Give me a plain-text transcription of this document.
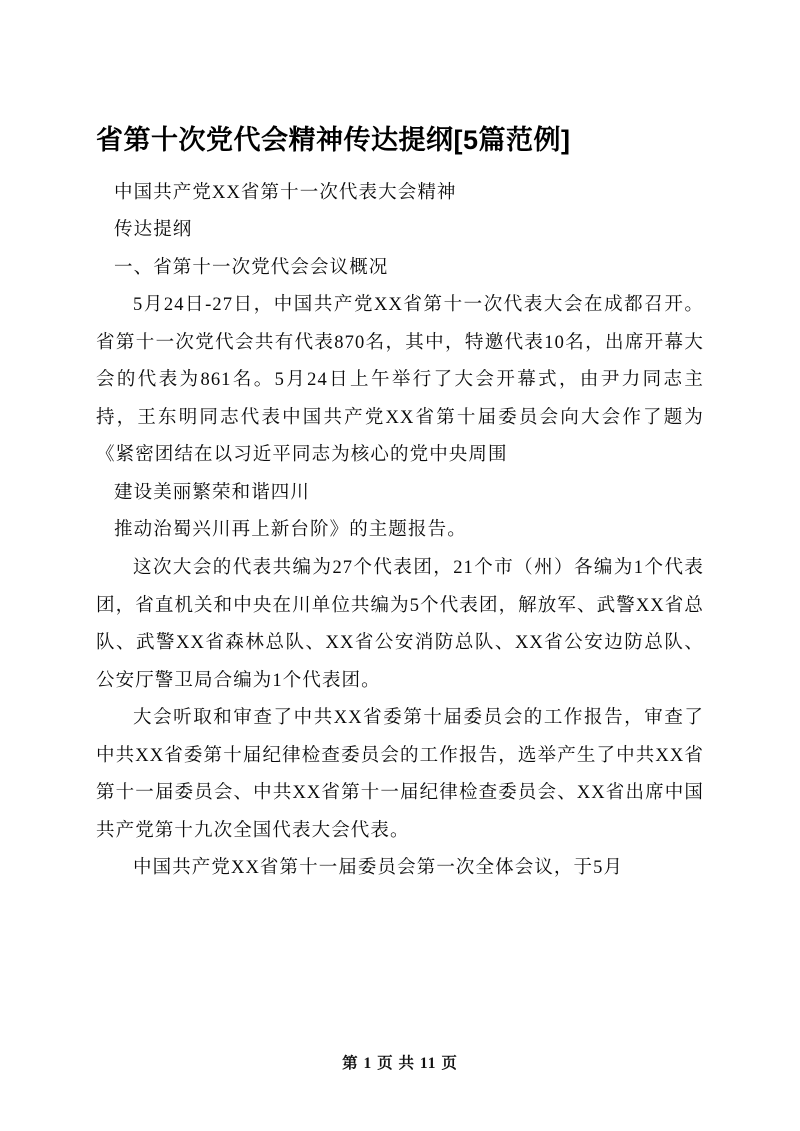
省第十次党代会精神传达提纲[5篇范例]

中国共产党XX省第十一次代表大会精神

传达提纲

一、省第十一次党代会会议概况

5月24日-27日，中国共产党XX省第十一次代表大会在成都召开。省第十一次党代会共有代表870名，其中，特邀代表10名，出席开幕大会的代表为861名。5月24日上午举行了大会开幕式，由尹力同志主持，王东明同志代表中国共产党XX省第十届委员会向大会作了题为《紧密团结在以习近平同志为核心的党中央周围

建设美丽繁荣和谐四川

推动治蜀兴川再上新台阶》的主题报告。

这次大会的代表共编为27个代表团，21个市（州）各编为1个代表团，省直机关和中央在川单位共编为5个代表团，解放军、武警XX省总队、武警XX省森林总队、XX省公安消防总队、XX省公安边防总队、公安厅警卫局合编为1个代表团。

大会听取和审查了中共XX省委第十届委员会的工作报告，审查了中共XX省委第十届纪律检查委员会的工作报告，选举产生了中共XX省第十一届委员会、中共XX省第十一届纪律检查委员会、XX省出席中国共产党第十九次全国代表大会代表。

中国共产党XX省第十一届委员会第一次全体会议，于5月

第 1 页 共 11 页
